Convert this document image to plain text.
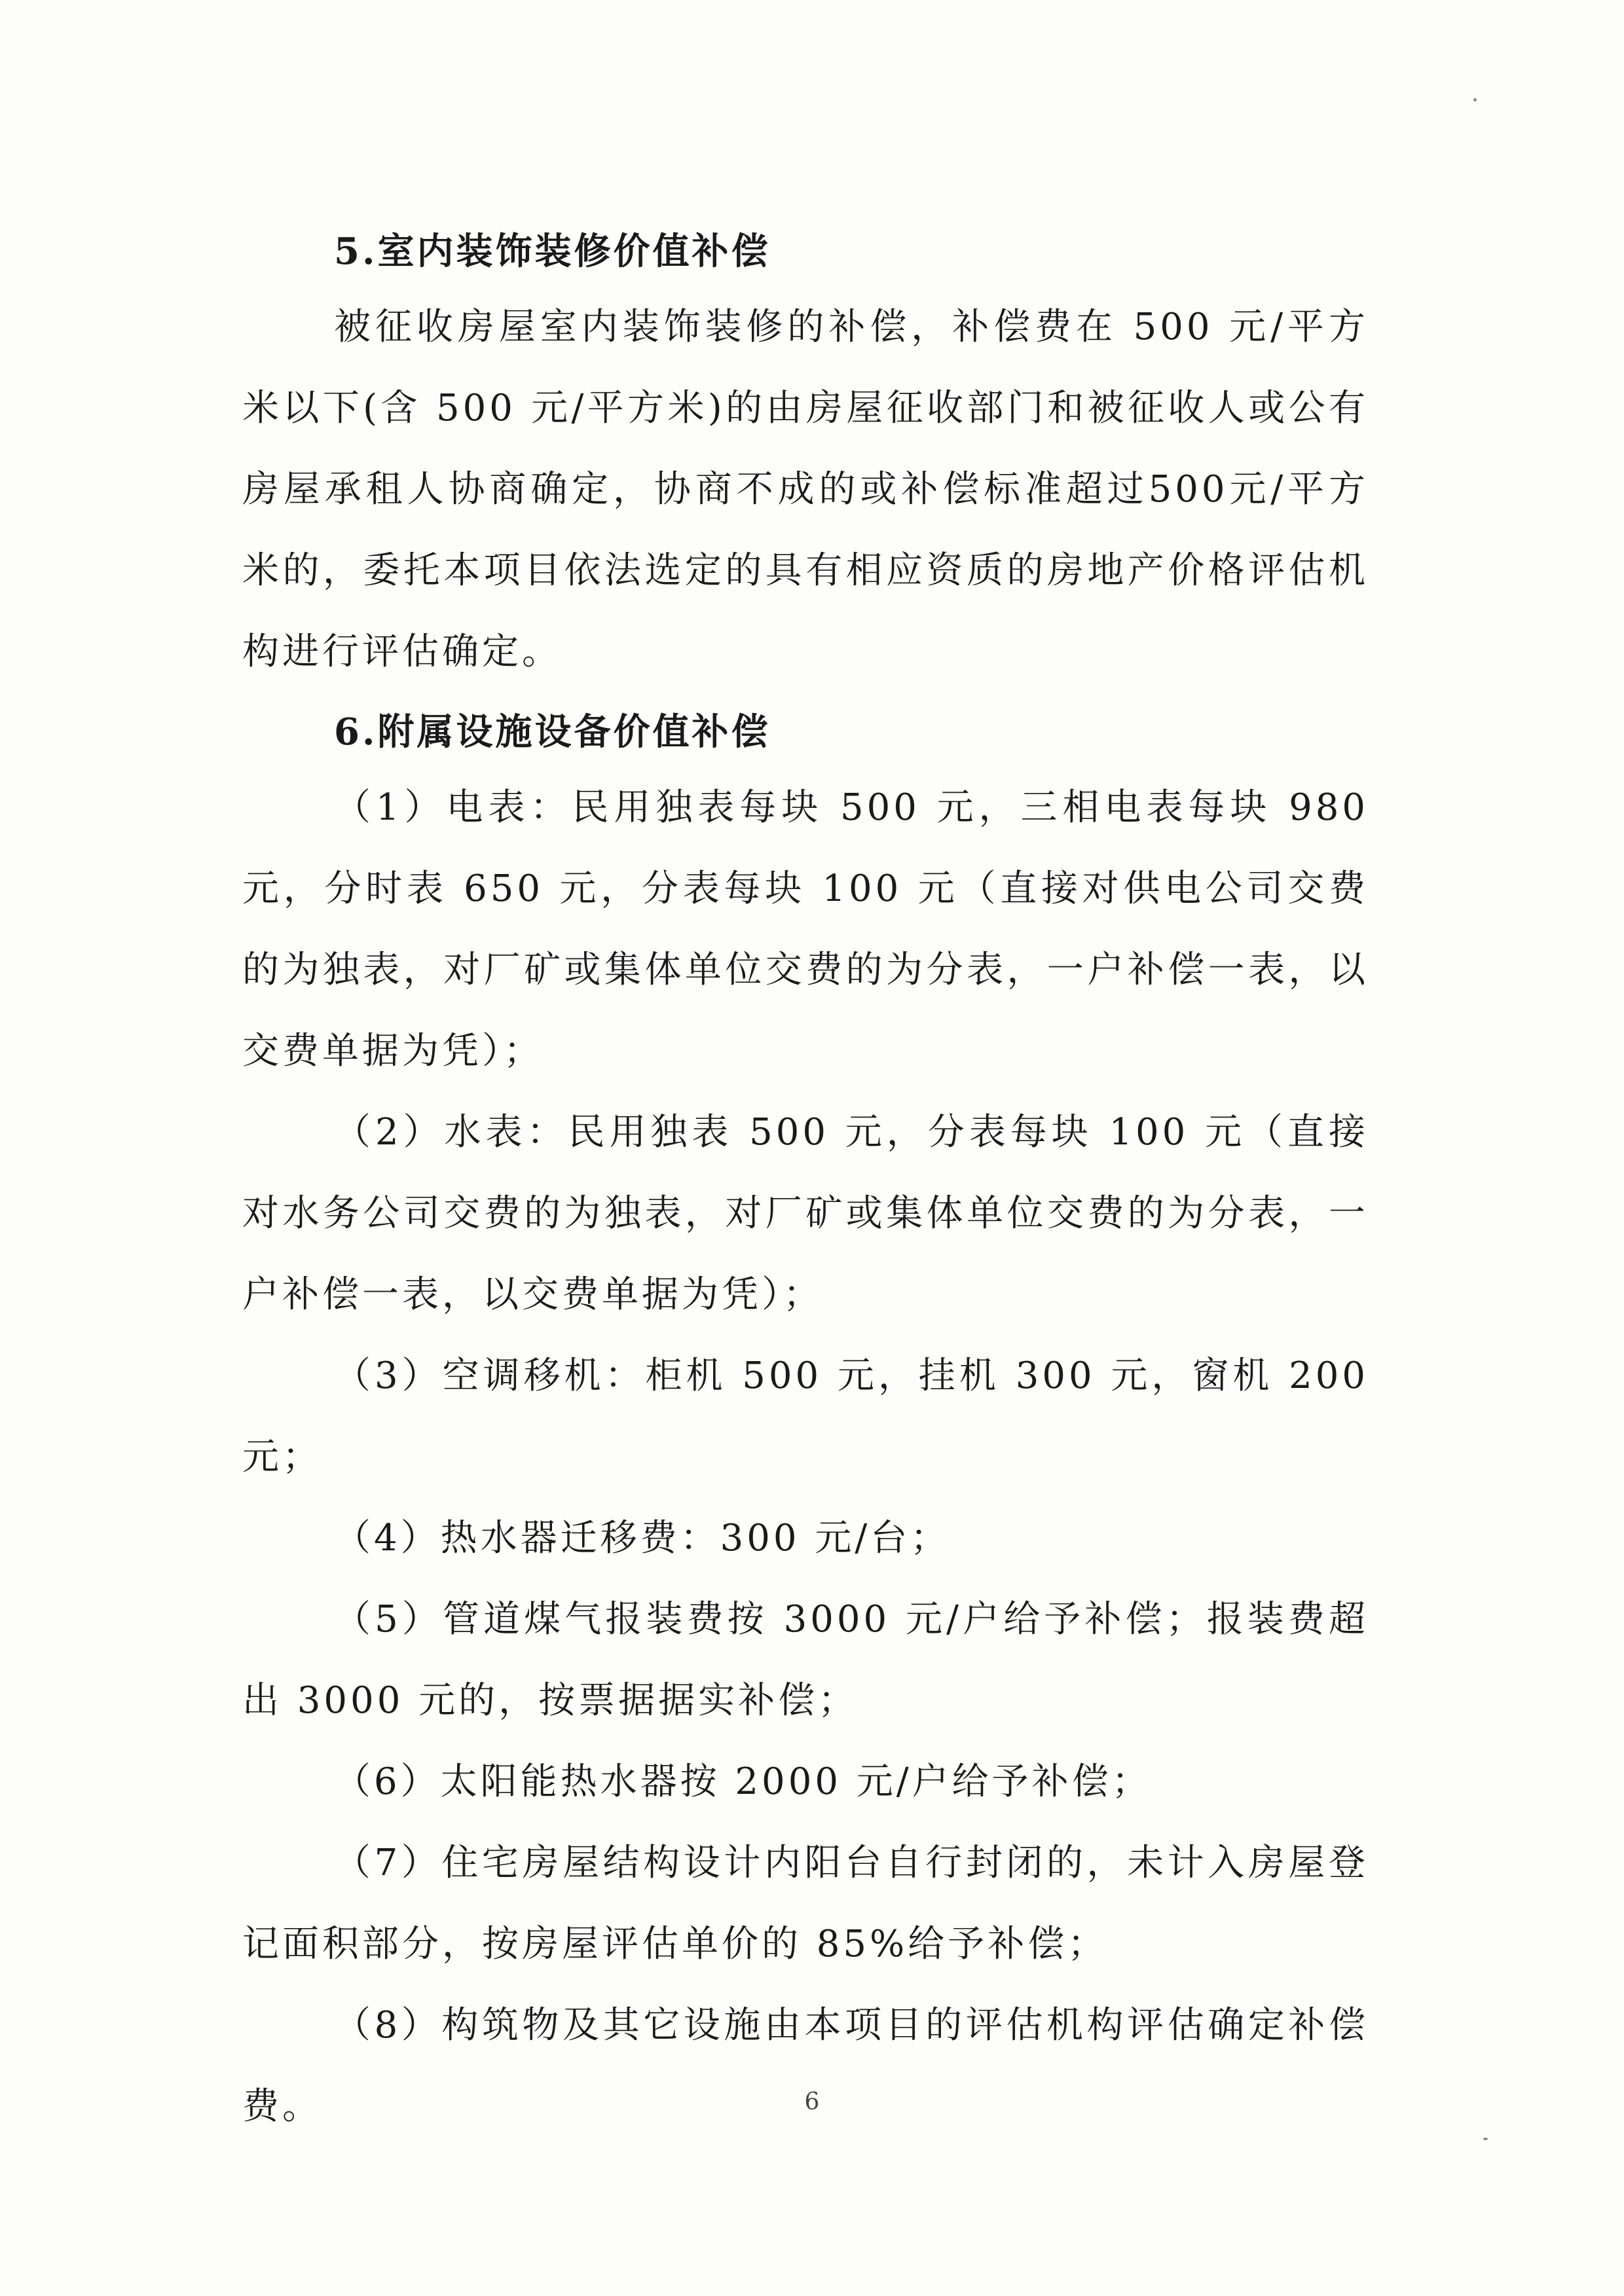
5.室内装饰装修价值补偿

被征收房屋室内装饰装修的补偿，补偿费在 500 元/平方米以下(含 500 元/平方米)的由房屋征收部门和被征收人或公有房屋承租人协商确定，协商不成的或补偿标准超过500元/平方米的，委托本项目依法选定的具有相应资质的房地产价格评估机构进行评估确定。

6.附属设施设备价值补偿

（1）电表：民用独表每块 500 元，三相电表每块 980 元，分时表 650 元，分表每块 100 元（直接对供电公司交费的为独表，对厂矿或集体单位交费的为分表，一户补偿一表，以交费单据为凭）；

（2）水表：民用独表 500 元，分表每块 100 元（直接对水务公司交费的为独表，对厂矿或集体单位交费的为分表，一户补偿一表，以交费单据为凭）；

（3）空调移机：柜机 500 元，挂机 300 元，窗机 200 元；

（4）热水器迁移费：300 元/台；

（5）管道煤气报装费按 3000 元/户给予补偿；报装费超出 3000 元的，按票据据实补偿；

（6）太阳能热水器按 2000 元/户给予补偿；

（7）住宅房屋结构设计内阳台自行封闭的，未计入房屋登记面积部分，按房屋评估单价的 85%给予补偿；

（8）构筑物及其它设施由本项目的评估机构评估确定补偿费。	6
